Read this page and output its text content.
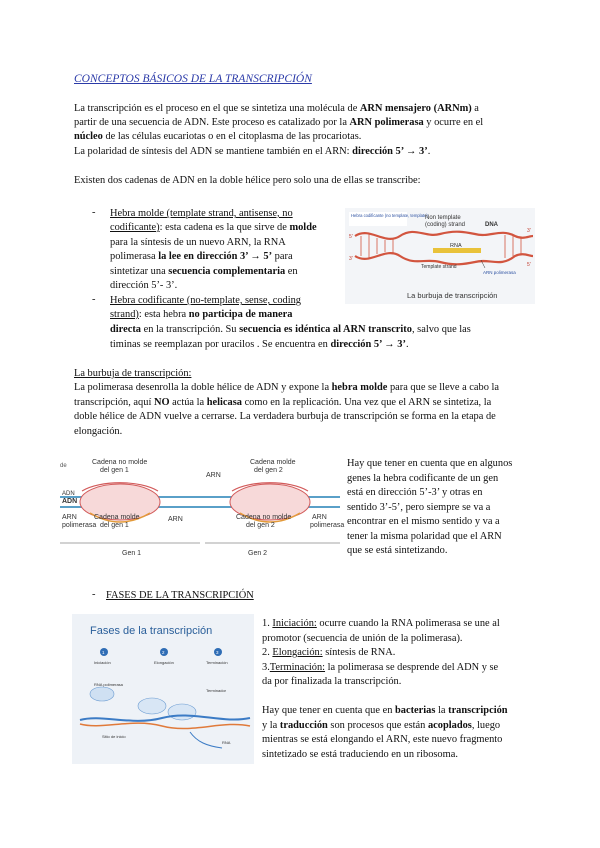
CONCEPTOS BÁSICOS DE LA TRANSCRIPCIÓN
La transcripción es el proceso en el que se sintetiza una molécula de ARN mensajero (ARNm) a
partir de una secuencia de ADN. Este proceso es catalizado por la ARN polimerasa y ocurre en el
núcleo de las células eucariotas o en el citoplasma de las procariotas.
La polaridad de síntesis del ADN se mantiene también en el ARN: dirección 5’ → 3’.
Existen dos cadenas de ADN en la doble hélice pero solo una de ellas se transcribe:
- Hebra molde (template strand, antisense, no
codificante): esta cadena es la que sirve de molde
para la síntesis de un nuevo ARN, la RNA
polimerasa la lee en dirección 3’ → 5’ para
sintetizar una secuencia complementaria en
dirección 5’- 3’.
- Hebra codificante (no-template, sense, coding
strand): esta hebra no participa de manera
directa en la transcripción. Su secuencia es idéntica al ARN transcrito, salvo que las
timinas se reemplazan por uracilos . Se encuentra en dirección 5’ → 3’.
Hebra codificante (no template, template)
Non template
(coding) strand	DNA
RNA
5'
3'
3'
5'
Template strand
ARN polimerasa
La burbuja de transcripción
La burbuja de transcripción:
La polimerasa desenrolla la doble hélice de ADN y expone la hebra molde para que se lleve a cabo la
transcripción, aquí NO actúa la helicasa como en la replicación. Una vez que el ARN se sintetiza, la
doble hélice de ADN vuelve a cerrarse. La verdadera burbuja de transcripción se forma en la etapa de
elongación.
de	Cadena no molde
del gen 1
Cadena molde
del gen 2
ARN
ADN
ADN
ARN
polimerasa
Cadena molde
del gen 1
ARN	Cadena no molde
del gen 2
ARN
polimerasa
Gen 1	Gen 2
Hay que tener en cuenta que en algunos
genes la hebra codificante de un gen
está en dirección 5’-3’ y otras en
sentido 3’-5’, pero siempre se va a
encontrar en el mismo sentido y va a
tener la misma polaridad que el ARN
que se está sintetizando.
- FASES DE LA TRANSCRIPCIÓN
Fases de la transcripción
1	2	3
Iniciación	Elongación	Terminación
RNA polimerasa
Terminador
Sitio de inicio
RNA
1. Iniciación: ocurre cuando la RNA polimerasa se une al
promotor (secuencia de unión de la polimerasa).
2. Elongación: síntesis de RNA.
3.Terminación: la polimerasa se desprende del ADN y se
da por finalizada la transcripción.
Hay que tener en cuenta que en bacterias la transcripción
y la traducción son procesos que están acoplados, luego
mientras se está elongando el ARN, este nuevo fragmento
sintetizado se está traduciendo en un ribosoma.
